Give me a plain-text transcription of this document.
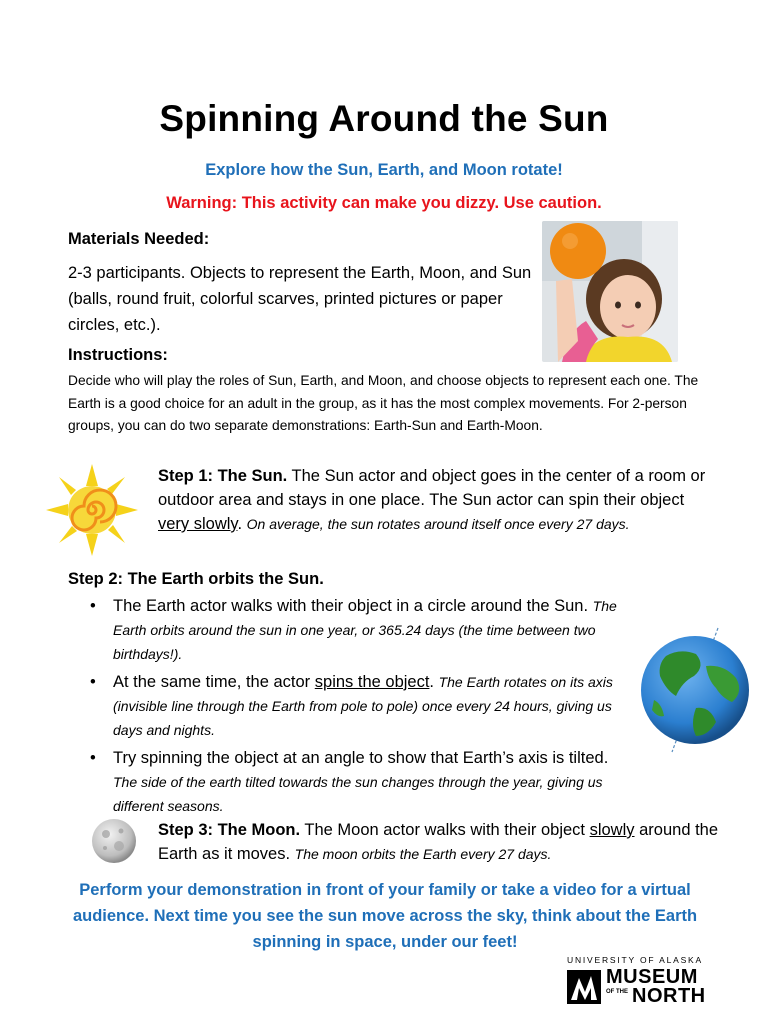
Spinning Around the Sun
Explore how the Sun, Earth, and Moon rotate!
Warning: This activity can make you dizzy. Use caution.
Materials Needed:
2-3 participants. Objects to represent the Earth, Moon, and Sun (balls, round fruit, colorful scarves, printed pictures or paper circles, etc.).
Instructions:
Decide who will play the roles of Sun, Earth, and Moon, and choose objects to represent each one. The Earth is a good choice for an adult in the group, as it has the most complex movements. For 2-person groups, you can do two separate demonstrations: Earth-Sun and Earth-Moon.
Step 1: The Sun. The Sun actor and object goes in the center of a room or outdoor area and stays in one place. The Sun actor can spin their object very slowly. On average, the sun rotates around itself once every 27 days.
Step 2: The Earth orbits the Sun.
• The Earth actor walks with their object in a circle around the Sun. The Earth orbits around the sun in one year, or 365.24 days (the time between two birthdays!).
• At the same time, the actor spins the object. The Earth rotates on its axis (invisible line through the Earth from pole to pole) once every 24 hours, giving us days and nights.
• Try spinning the object at an angle to show that Earth’s axis is tilted. The side of the earth tilted towards the sun changes through the year, giving us different seasons.
Step 3: The Moon. The Moon actor walks with their object slowly around the Earth as it moves. The moon orbits the Earth every 27 days.
Perform your demonstration in front of your family or take a video for a virtual audience. Next time you see the sun move across the sky, think about the Earth spinning in space, under our feet!
UNIVERSITY OF ALASKA
MUSEUM
NORTH
OF THE
